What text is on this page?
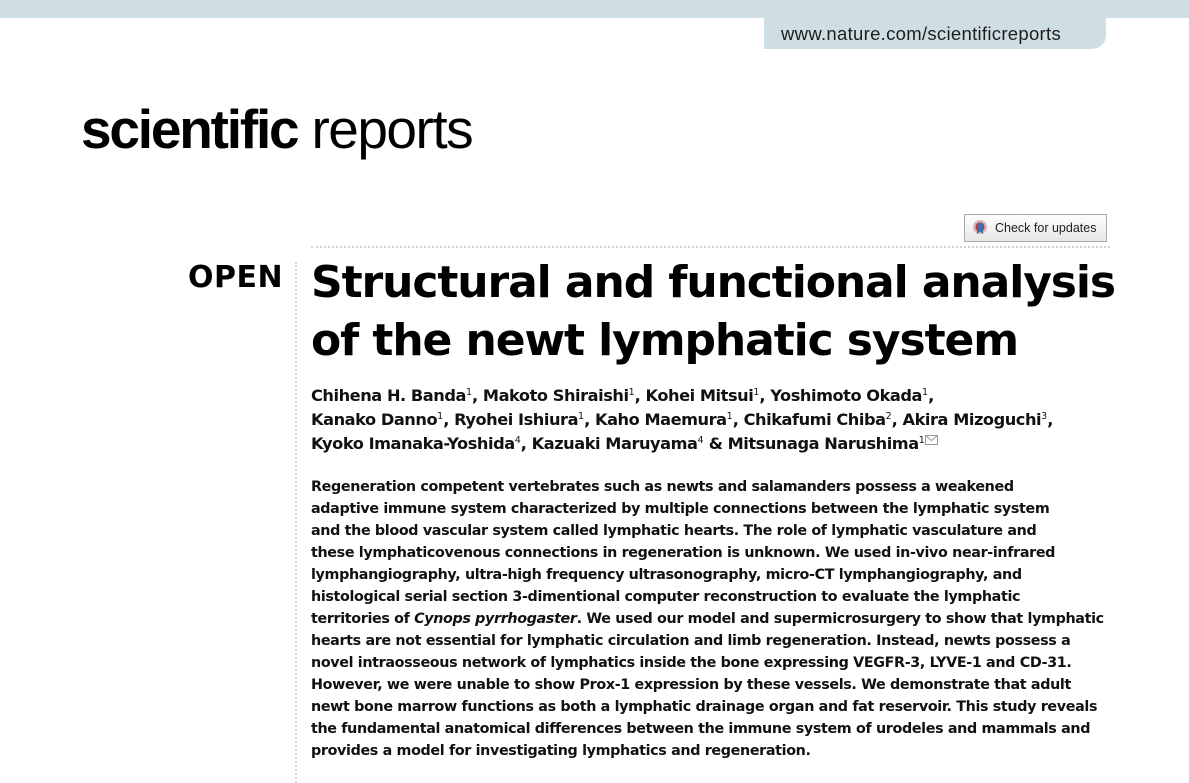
www.nature.com/scientificreports
scientific reports
Check for updates
OPEN Structural and functional analysis
of the newt lymphatic system
Chihena H. Banda$^1$, Makoto Shiraishi$^1$, Kohei Mitsui$^1$, Yoshimoto Okada$^1$,
Kanako Danno$^1$, Ryohei Ishiura$^1$, Kaho Maemura$^1$, Chikafumi Chiba$^2$, Akira Mizoguchi$^3$,
Kyoko Imanaka-Yoshida$^4$, Kazuaki Maruyama$^4$ & Mitsunaga Narushima$^1$

Regeneration competent vertebrates such as newts and salamanders possess a weakened
adaptive immune system characterized by multiple connections between the lymphatic system
and the blood vascular system called lymphatic hearts. The role of lymphatic vasculature and
these lymphaticovenous connections in regeneration is unknown. We used in-vivo near-infrared
lymphangiography, ultra-high frequency ultrasonography, micro-CT lymphangiography, and
histological serial section 3-dimentional computer reconstruction to evaluate the lymphatic
territories of Cynops pyrrhogaster. We used our model and supermicrosurgery to show that lymphatic
hearts are not essential for lymphatic circulation and limb regeneration. Instead, newts possess a
novel intraosseous network of lymphatics inside the bone expressing VEGFR-3, LYVE-1 and CD-31.
However, we were unable to show Prox-1 expression by these vessels. We demonstrate that adult
newt bone marrow functions as both a lymphatic drainage organ and fat reservoir. This study reveals
the fundamental anatomical differences between the immune system of urodeles and mammals and
provides a model for investigating lymphatics and regeneration.
